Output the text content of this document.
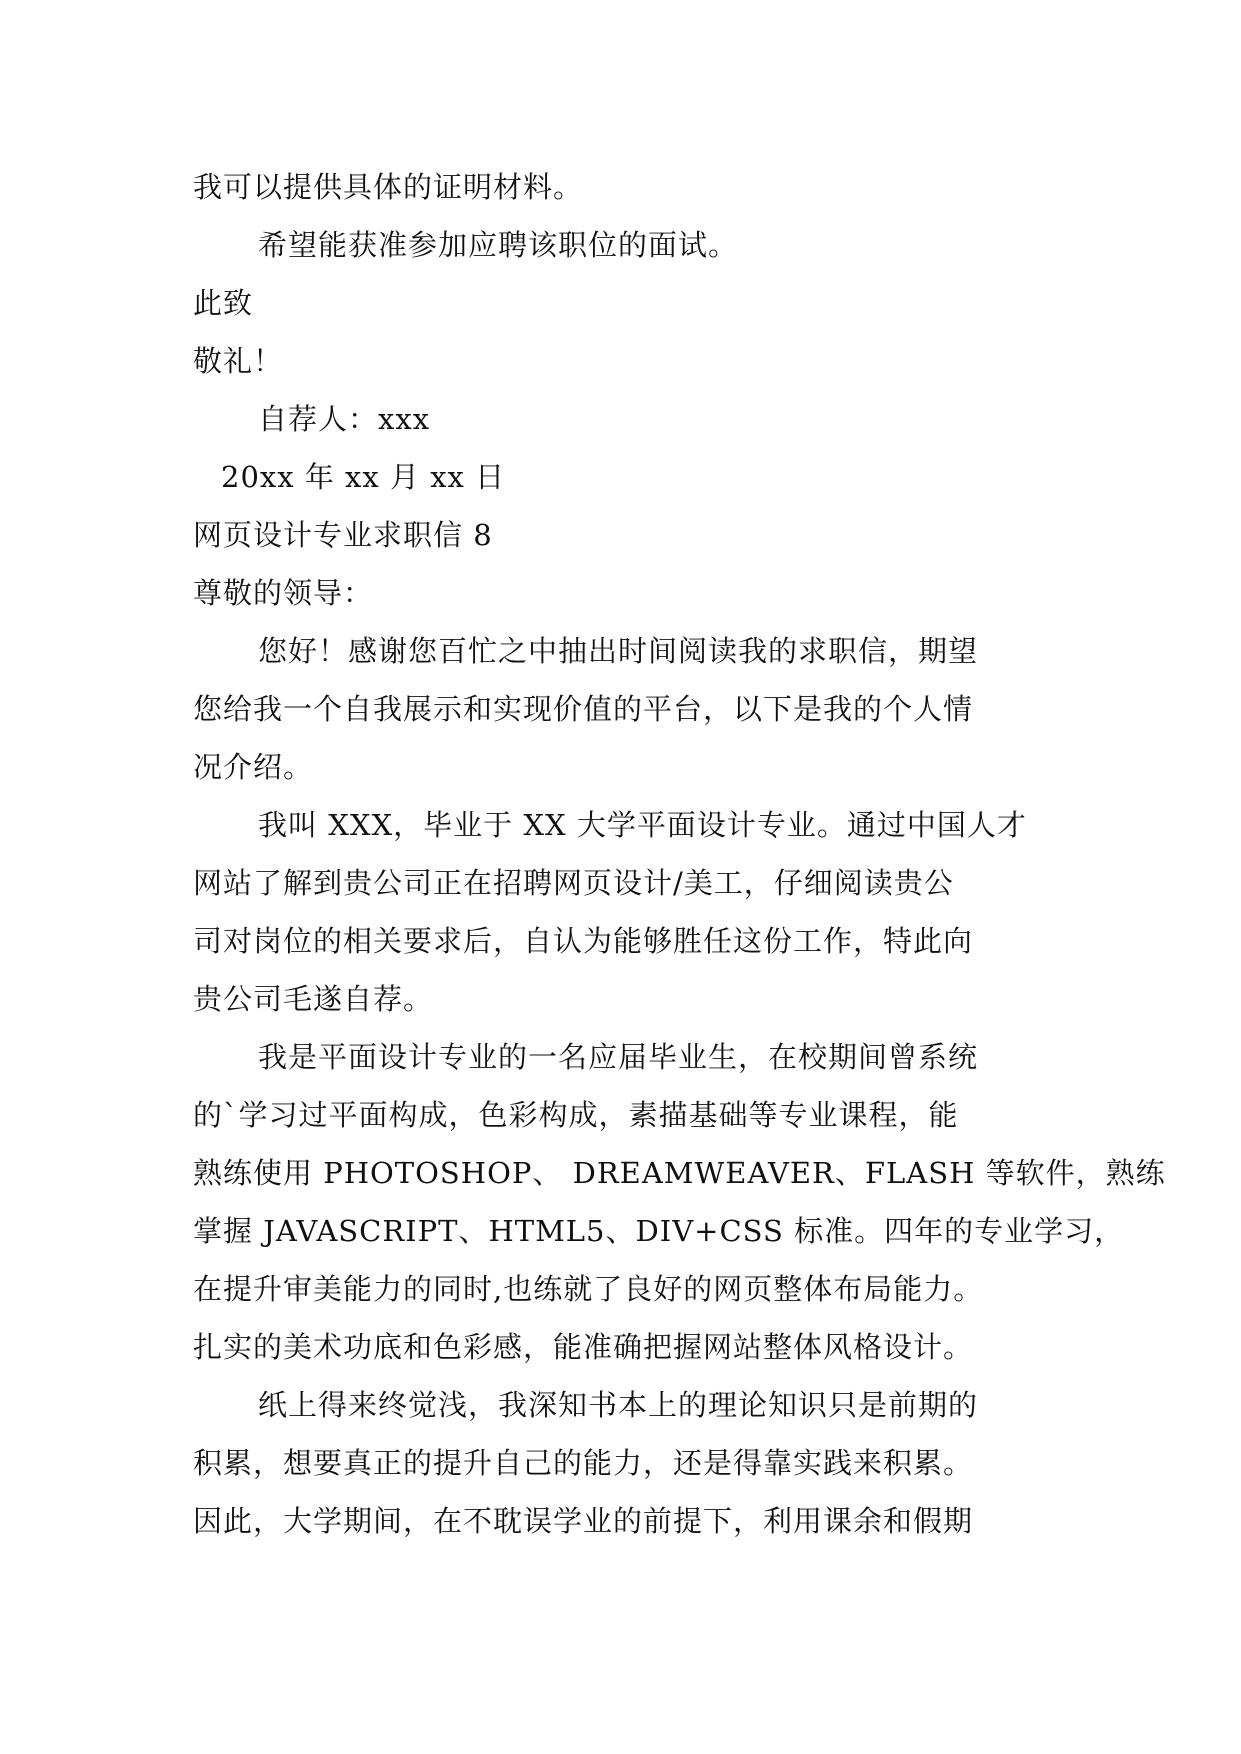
我可以提供具体的证明材料。
希望能获准参加应聘该职位的面试。
此致
敬礼！
自荐人：xxx
20xx 年 xx 月 xx 日
网页设计专业求职信 8
尊敬的领导：
您好！感谢您百忙之中抽出时间阅读我的求职信，期望
您给我一个自我展示和实现价值的平台，以下是我的个人情
况介绍。
我叫 XXX，毕业于 XX 大学平面设计专业。通过中国人才
网站了解到贵公司正在招聘网页设计/美工，仔细阅读贵公
司对岗位的相关要求后，自认为能够胜任这份工作，特此向
贵公司毛遂自荐。
我是平面设计专业的一名应届毕业生，在校期间曾系统
的`学习过平面构成，色彩构成，素描基础等专业课程，能
熟练使用 PHOTOSHOP、 DREAMWEAVER、FLASH 等软件，熟练
掌握 JAVASCRIPT、HTML5、DIV+CSS 标准。四年的专业学习，
在提升审美能力的同时,也练就了良好的网页整体布局能力。
扎实的美术功底和色彩感，能准确把握网站整体风格设计。
纸上得来终觉浅，我深知书本上的理论知识只是前期的
积累，想要真正的提升自己的能力，还是得靠实践来积累。
因此，大学期间，在不耽误学业的前提下，利用课余和假期
